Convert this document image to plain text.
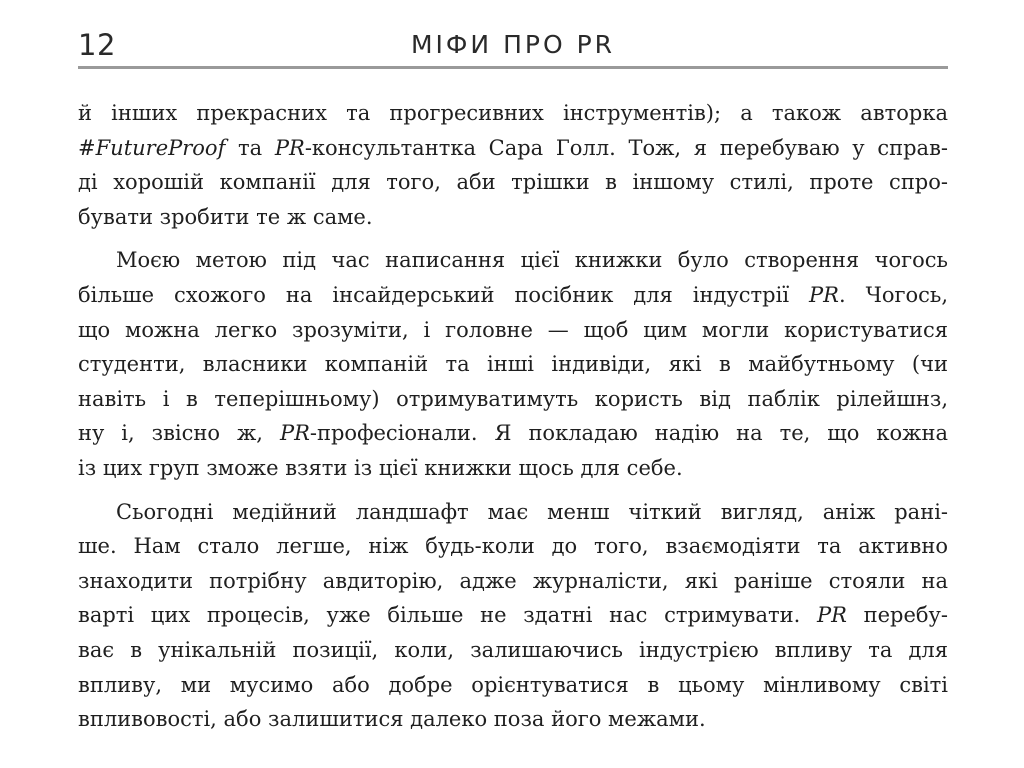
12	МІФИ ПРО PR
й інших прекрасних та прогресивних інструментів); а також авторка
#FutureProof та PR-консультантка Сара Голл. Тож, я перебуваю у справ-
ді хорошій компанії для того, аби трішки в іншому стилі, проте спро-
бувати зробити те ж саме.
Моєю метою під час написання цієї книжки було створення чогось
більше схожого на інсайдерський посібник для індустрії PR. Чогось,
що можна легко зрозуміти, і головне — щоб цим могли користуватися
студенти, власники компаній та інші індивіди, які в майбутньому (чи
навіть і в теперішньому) отримуватимуть користь від паблік рілейшнз,
ну і, звісно ж, PR-професіонали. Я покладаю надію на те, що кожна
із цих груп зможе взяти із цієї книжки щось для себе.
Сьогодні медійний ландшафт має менш чіткий вигляд, аніж рані-
ше. Нам стало легше, ніж будь-коли до того, взаємодіяти та активно
знаходити потрібну авдиторію, адже журналісти, які раніше стояли на
варті цих процесів, уже більше не здатні нас стримувати. PR перебу-
ває в унікальній позиції, коли, залишаючись індустрією впливу та для
впливу, ми мусимо або добре орієнтуватися в цьому мінливому світі
впливовості, або залишитися далеко поза його межами.
